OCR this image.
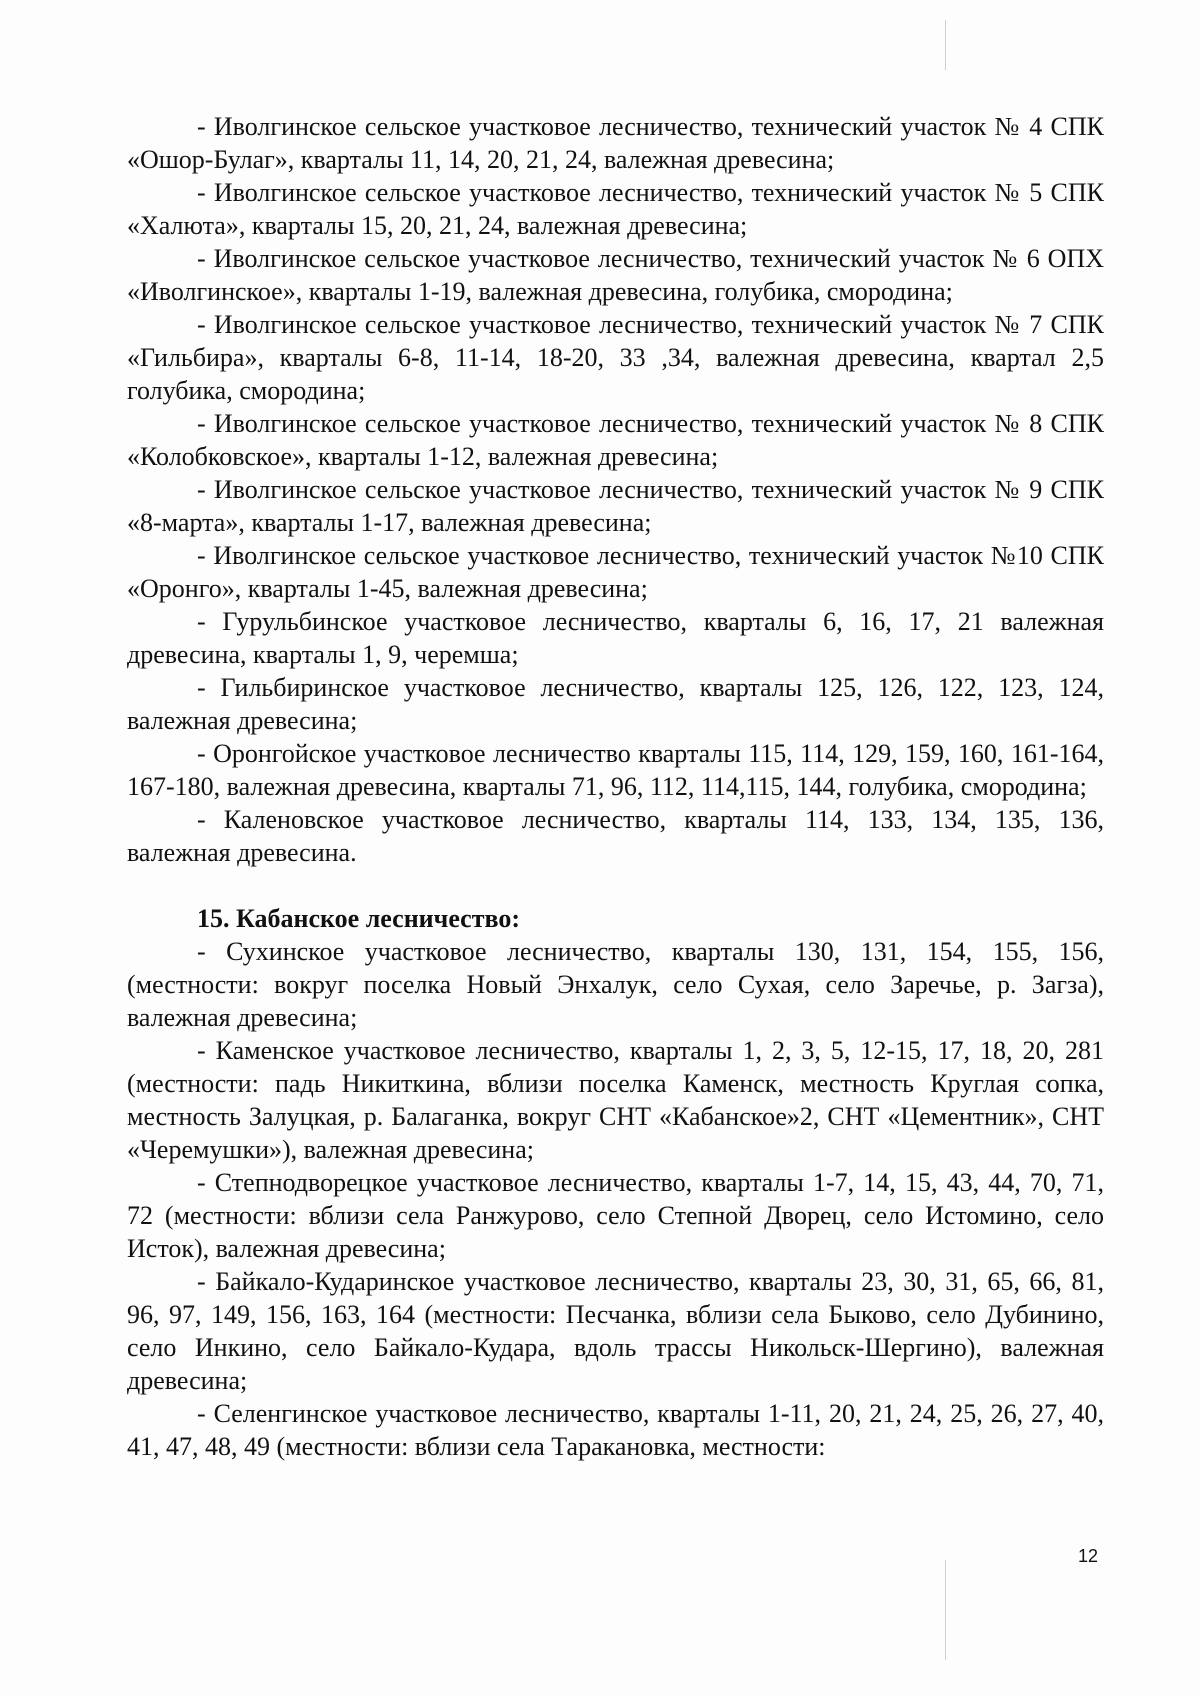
- Иволгинское сельское участковое лесничество, технический участок № 4 СПК «Ошор-Булаг», кварталы 11, 14, 20, 21, 24, валежная древесина;

- Иволгинское сельское участковое лесничество, технический участок № 5 СПК «Халюта», кварталы 15, 20, 21, 24, валежная древесина;

- Иволгинское сельское участковое лесничество, технический участок № 6 ОПХ «Иволгинское», кварталы 1-19, валежная древесина, голубика, смородина;

- Иволгинское сельское участковое лесничество, технический участок № 7 СПК «Гильбира», кварталы 6-8, 11-14, 18-20, 33 ,34, валежная древесина, квартал 2,5 голубика, смородина;

- Иволгинское сельское участковое лесничество, технический участок № 8 СПК «Колобковское», кварталы 1-12, валежная древесина;

- Иволгинское сельское участковое лесничество, технический участок № 9 СПК «8-марта», кварталы 1-17, валежная древесина;

- Иволгинское сельское участковое лесничество, технический участок №10 СПК «Оронго», кварталы 1-45, валежная древесина;

- Гурульбинское участковое лесничество, кварталы 6, 16, 17, 21 валежная древесина, кварталы 1, 9, черемша;

- Гильбиринское участковое лесничество, кварталы 125, 126, 122, 123, 124, валежная древесина;

- Оронгойское участковое лесничество кварталы 115, 114, 129, 159, 160, 161-164, 167-180, валежная древесина, кварталы 71, 96, 112, 114,115, 144, голубика, смородина;

- Каленовское участковое лесничество, кварталы 114, 133, 134, 135, 136, валежная древесина.

15. Кабанское лесничество:

- Сухинское участковое лесничество, кварталы 130, 131, 154, 155, 156, (местности: вокруг поселка Новый Энхалук, село Сухая, село Заречье, р. Загза), валежная древесина;

- Каменское участковое лесничество, кварталы 1, 2, 3, 5, 12-15, 17, 18, 20, 281 (местности: падь Никиткина, вблизи поселка Каменск, местность Круглая сопка, местность Залуцкая, р. Балаганка, вокруг СНТ «Кабанское»2, СНТ «Цементник», СНТ «Черемушки»), валежная древесина;

- Степнодворецкое участковое лесничество, кварталы 1-7, 14, 15, 43, 44, 70, 71, 72 (местности: вблизи села Ранжурово, село Степной Дворец, село Истомино, село Исток), валежная древесина;

- Байкало-Кударинское участковое лесничество, кварталы 23, 30, 31, 65, 66, 81, 96, 97, 149, 156, 163, 164 (местности: Песчанка, вблизи села Быково, село Дубинино, село Инкино, село Байкало-Кудара, вдоль трассы Никольск-Шергино), валежная древесина;

- Селенгинское участковое лесничество, кварталы 1-11, 20, 21, 24, 25, 26, 27, 40, 41, 47, 48, 49 (местности: вблизи села Таракановка, местности:

12
